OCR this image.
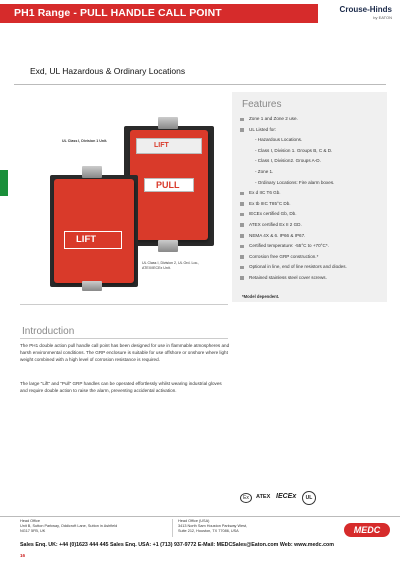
PH1 Range - PULL HANDLE CALL POINT	Crouse-Hinds
by EATON
Exd, UL Hazardous & Ordinary Locations
UL Class I, Division 1 Unit.
LIFT
PULL
LIFT
UL Class I, Division 2, UL Ord. Loc.,
ATEX/IECEx Unit.
Features
Zone 1 and Zone 2 use.
UL Listed for:
- Hazardous Locations.
- Class I, Division 1. Groups B, C & D.
- Class I, Division2. Groups A-D.
- Zone 1.
- Ordinary Locations: Fire alarm boxes.
Ex d IIC T6 Gb.
Ex tb IIIC T85°C Db.
IECEx certified Gb, Db.
ATEX certified Ex II 2 GD.
NEMA 4X & 6. IP66 & IP67.
Certified temperature: -55°C to +70°C*.
Corrosion free GRP construction.*
Optional in line, end of line resistors and diodes.
Retained stainless steel cover screws.
*Model dependent.
Introduction
The PH1 double action pull handle call point has been designed for use in flammable atmospheres and harsh environmental conditions. The GRP enclosure is suitable for use offshore or onshore where light weight combined with a high level of corrosion resistance is required.
The large "Lift" and "Pull" GRP handles can be operated effortlessly whilst wearing industrial gloves and require double action to raise the alarm, preventing accidental activation.
Ex	ATEX IECEx	UL
Head Office
Unit B, Sutton Parkway, Oddicroft Lane, Sutton in Ashfield
NG17 5FB, UK
Head Office (USA)
3413 North Sam Houston Parkway West,
Suite 212, Houston, TX 77086, USA	MEDC
Sales Enq. UK: +44 (0)1623 444 445 Sales Enq. USA: +1 (713) 937-9772 E-Mail: MEDCSales@Eaton.com Web: www.medc.com
16
